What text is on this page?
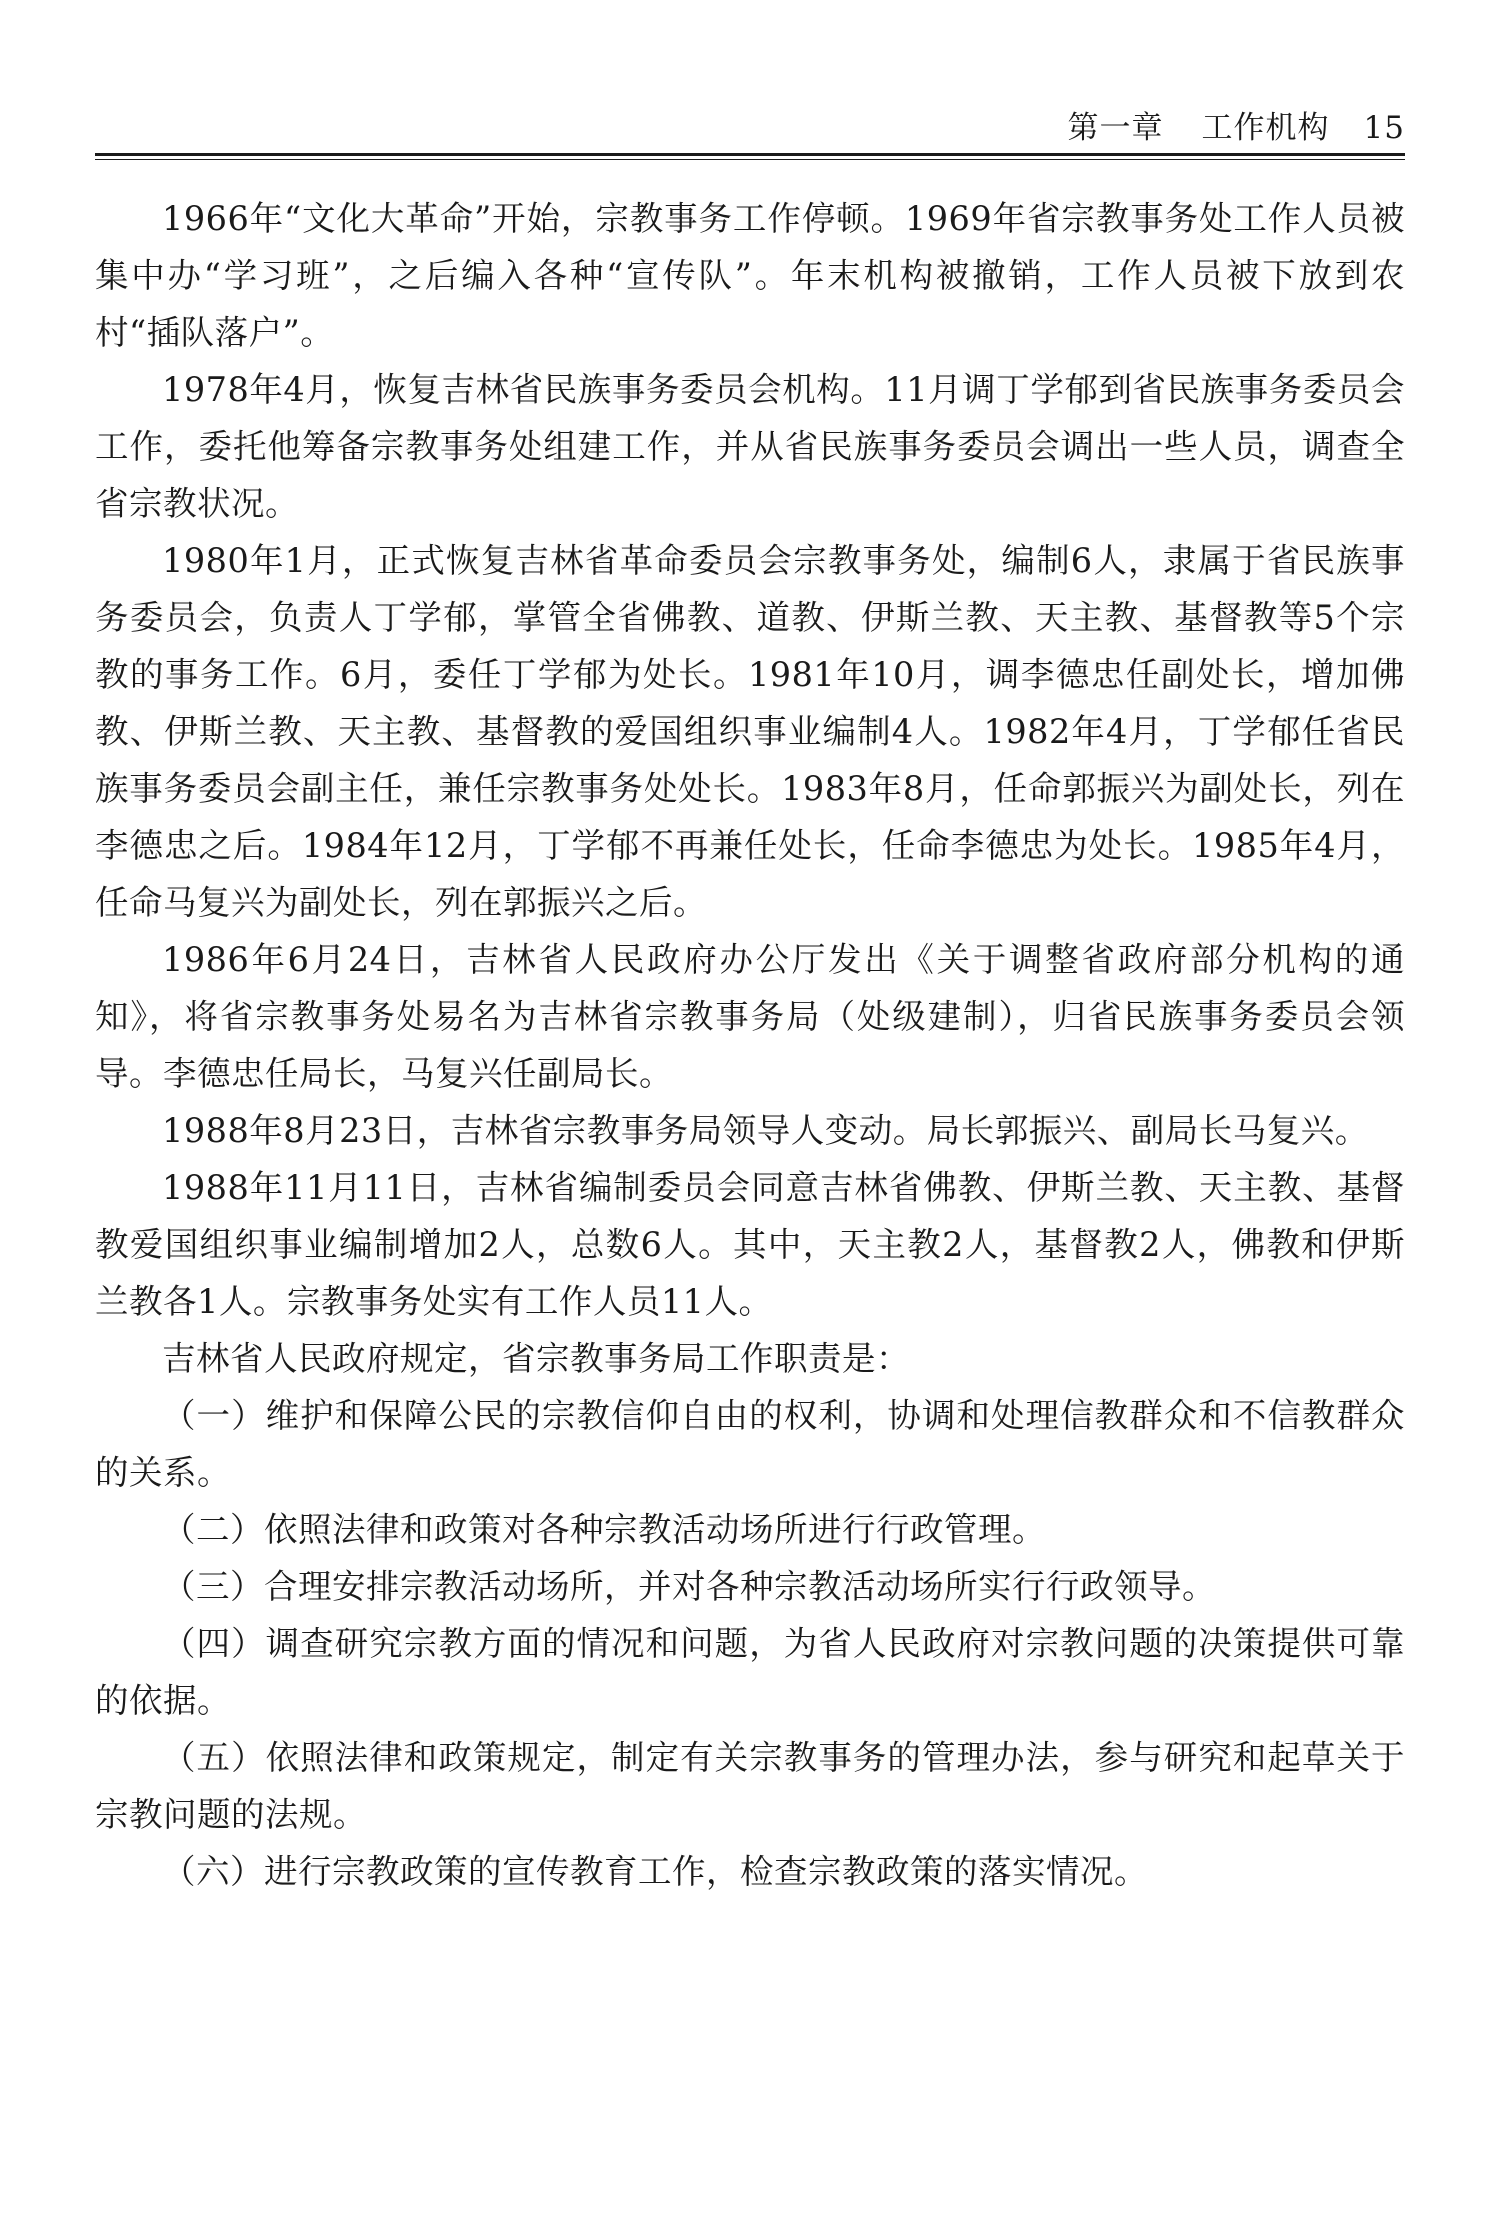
第一章 工作机构 15

1966年“文化大革命”开始，宗教事务工作停顿。1969年省宗教事务处工作人员被集中办“学习班”，之后编入各种“宣传队”。年末机构被撤销，工作人员被下放到农村“插队落户”。

1978年4月，恢复吉林省民族事务委员会机构。11月调丁学郁到省民族事务委员会工作，委托他筹备宗教事务处组建工作，并从省民族事务委员会调出一些人员，调查全省宗教状况。

1980年1月，正式恢复吉林省革命委员会宗教事务处，编制6人，隶属于省民族事务委员会，负责人丁学郁，掌管全省佛教、道教、伊斯兰教、天主教、基督教等5个宗教的事务工作。6月，委任丁学郁为处长。1981年10月，调李德忠任副处长，增加佛教、伊斯兰教、天主教、基督教的爱国组织事业编制4人。1982年4月，丁学郁任省民族事务委员会副主任，兼任宗教事务处处长。1983年8月，任命郭振兴为副处长，列在李德忠之后。1984年12月，丁学郁不再兼任处长，任命李德忠为处长。1985年4月，任命马复兴为副处长，列在郭振兴之后。

1986年6月24日，吉林省人民政府办公厅发出《关于调整省政府部分机构的通知》，将省宗教事务处易名为吉林省宗教事务局（处级建制），归省民族事务委员会领导。李德忠任局长，马复兴任副局长。

1988年8月23日，吉林省宗教事务局领导人变动。局长郭振兴、副局长马复兴。

1988年11月11日，吉林省编制委员会同意吉林省佛教、伊斯兰教、天主教、基督教爱国组织事业编制增加2人，总数6人。其中，天主教2人，基督教2人，佛教和伊斯兰教各1人。宗教事务处实有工作人员11人。

吉林省人民政府规定，省宗教事务局工作职责是：

（一）维护和保障公民的宗教信仰自由的权利，协调和处理信教群众和不信教群众的关系。

（二）依照法律和政策对各种宗教活动场所进行行政管理。

（三）合理安排宗教活动场所，并对各种宗教活动场所实行行政领导。

（四）调查研究宗教方面的情况和问题，为省人民政府对宗教问题的决策提供可靠的依据。

（五）依照法律和政策规定，制定有关宗教事务的管理办法，参与研究和起草关于宗教问题的法规。

（六）进行宗教政策的宣传教育工作，检查宗教政策的落实情况。
